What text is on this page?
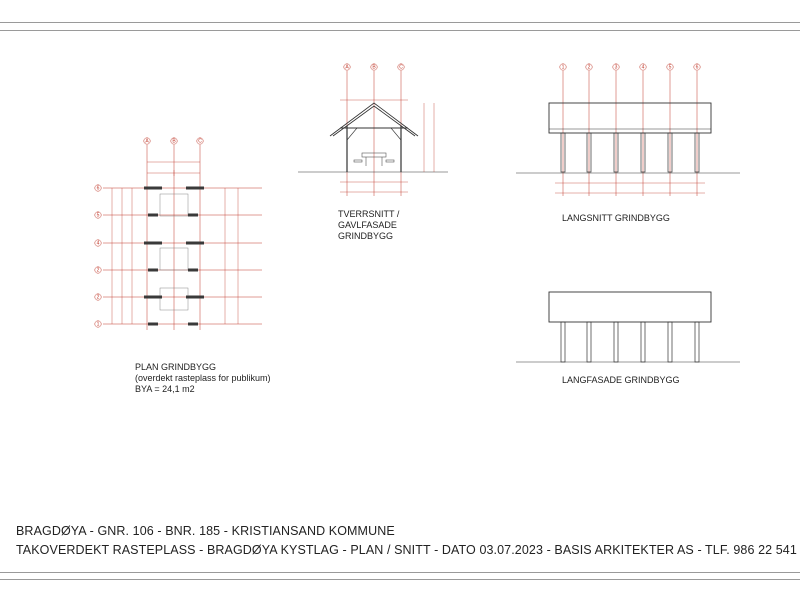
A	B	C
6
5
4
2
2
1
A	B	C	1	2	3	4	5	6
PLAN GRINDBYGG
(overdekt rasteplass for publikum)
BYA = 24,1 m2
TVERRSNITT /
GAVLFASADE
GRINDBYGG
LANGSNITT GRINDBYGG
LANGFASADE GRINDBYGG
BRAGDØYA - GNR. 106 - BNR. 185 - KRISTIANSAND KOMMUNE
TAKOVERDEKT RASTEPLASS - BRAGDØYA KYSTLAG - PLAN / SNITT - DATO 03.07.2023 - BASIS ARKITEKTER AS - TLF. 986 22 541
